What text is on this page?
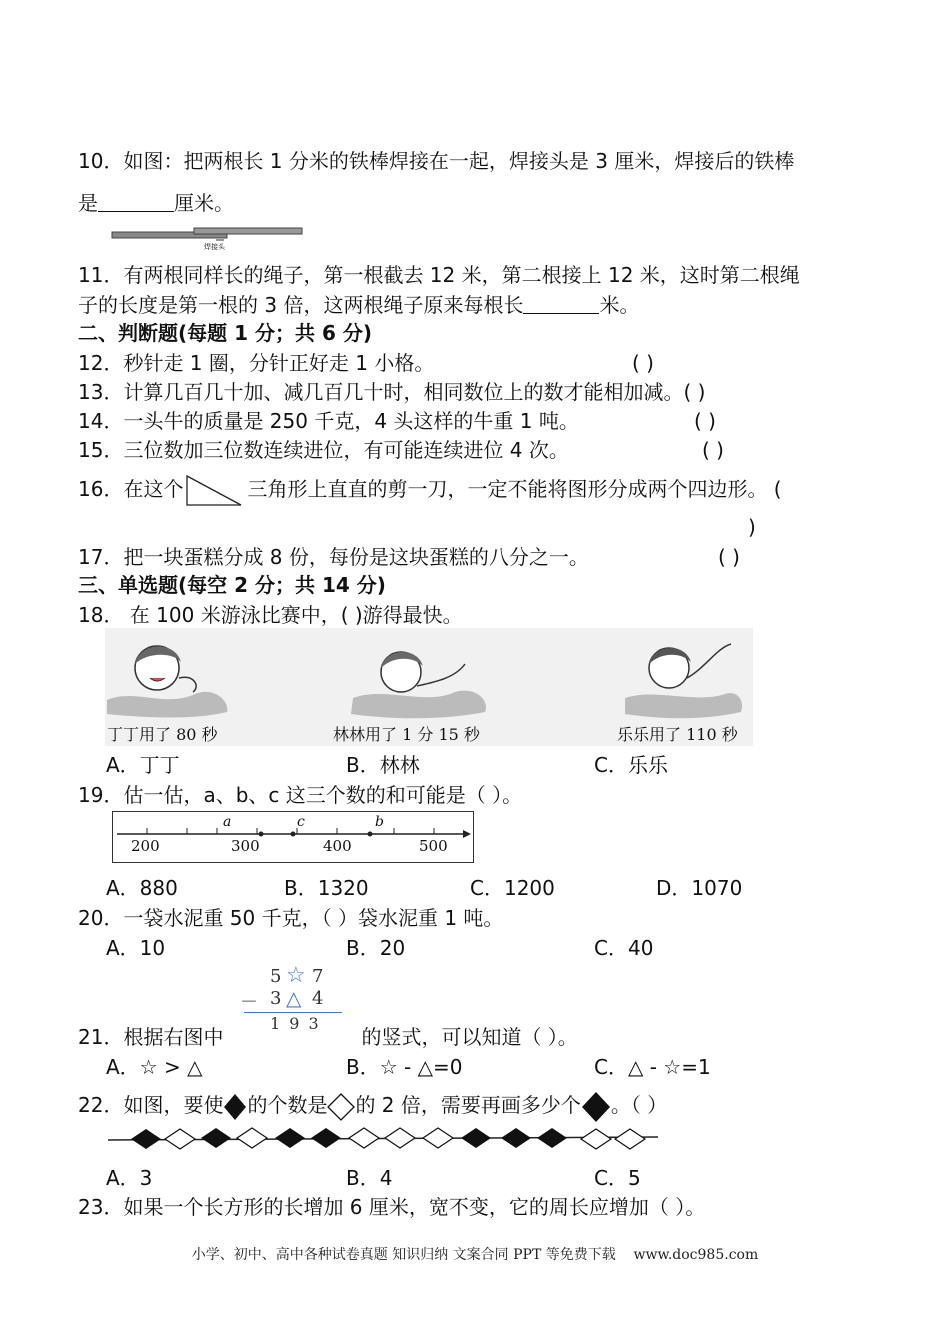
10．如图：把两根长 1 分米的铁棒焊接在一起，焊接头是 3 厘米，焊接后的铁棒
是	厘米。
焊接头
11．有两根同样长的绳子，第一根截去 12 米，第二根接上 12 米，这时第二根绳
子的长度是第一根的 3 倍，这两根绳子原来每根长	米。
二、判断题(每题 1 分；共 6 分)
12．秒针走 1 圈，分针正好走 1 小格。	( )
13．计算几百几十加、减几百几十时，相同数位上的数才能相加减。( )
14．一头牛的质量是 250 千克，4 头这样的牛重 1 吨。	( )
15．三位数加三位数连续进位，有可能连续进位 4 次。	( )
16．在这个	三角形上直直的剪一刀，一定不能将图形分成两个四边形。 (
)
17．把一块蛋糕分成 8 份，每份是这块蛋糕的八分之一。	( )
三、单选题(每空 2 分；共 14 分)
18． 在 100 米游泳比赛中，( )游得最快。
丁丁用了 80 秒	林林用了 1 分 15 秒	乐乐用了 110 秒
A．丁丁	B．林林	C．乐乐
19．估一估，a、b、c 这三个数的和可能是（ ）。
200	300	400	500
a	c	b
A．880	B．1320	C．1200	D．1070
20．一袋水泥重 50 千克，（ ）袋水泥重 1 吨。
A．10	B．20	C．40
5 ☆ 7
－ 3 △ 4
1 9 3
21．根据右图中	的竖式，可以知道（ ）。
A．☆ > △	B．☆ - △=0	C．△ - ☆=1
22．如图，要使 的个数是 的 2 倍，需要再画多少个 。（ ）
A．3	B．4	C．5
23．如果一个长方形的长增加 6 厘米，宽不变，它的周长应增加（ ）。
小学、初中、高中各种试卷真题 知识归纳 文案合同 PPT 等免费下载 www.doc985.com
